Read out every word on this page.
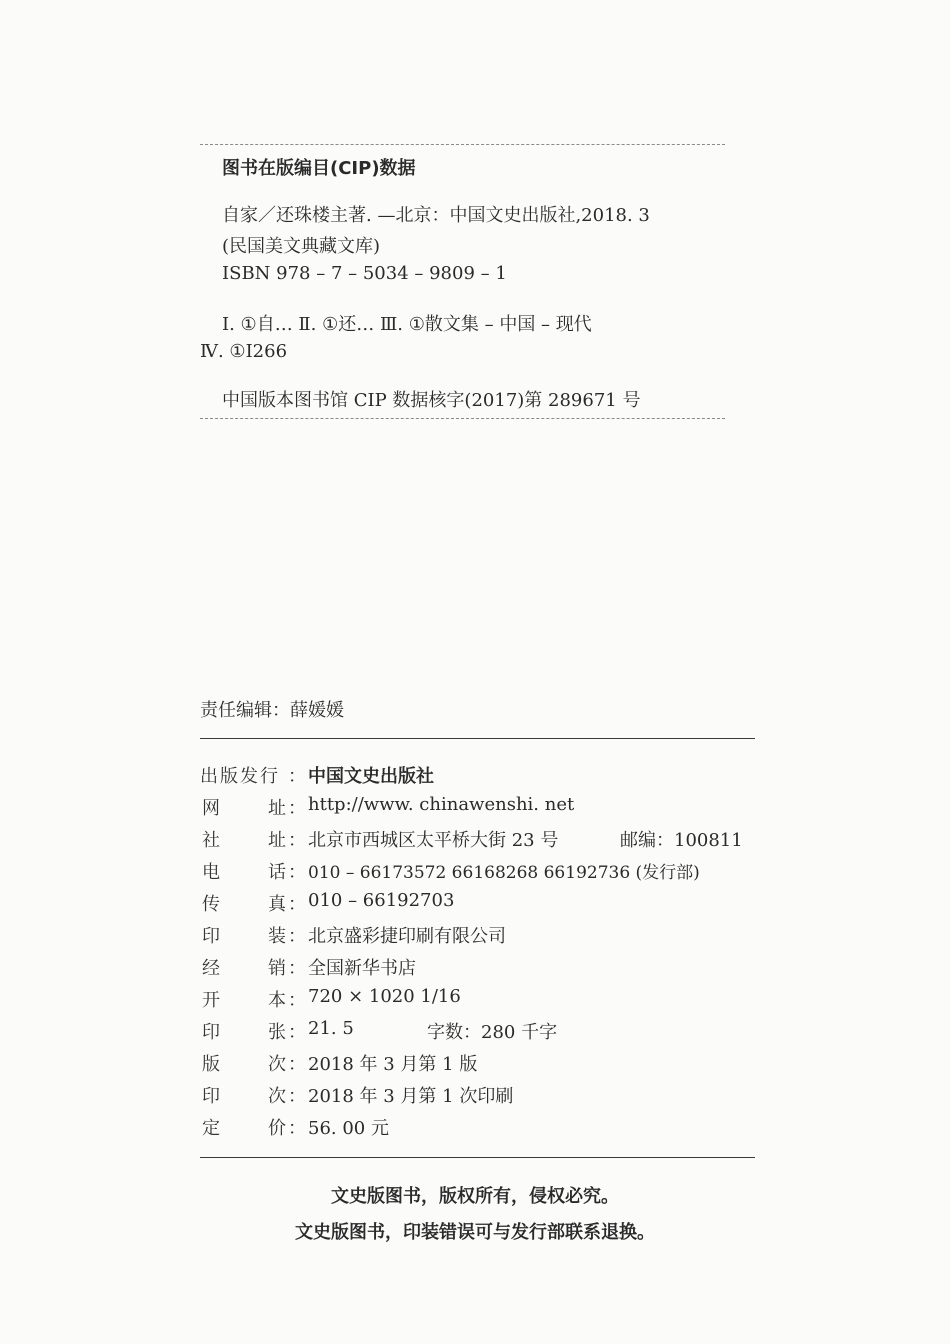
图书在版编目(CIP)数据
自家／还珠楼主著. —北京：中国文史出版社,2018. 3
(民国美文典藏文库)
ISBN 978 – 7 – 5034 – 9809 – 1
Ⅰ. ①自… Ⅱ. ①还… Ⅲ. ①散文集 – 中国 – 现代
Ⅳ. ①I266
中国版本图书馆 CIP 数据核字(2017)第 289671 号
责任编辑：薛媛媛
出版发行 ： 中国文史出版社
网	址 ： http://www. chinawenshi. net
社	址 ： 北京市西城区太平桥大街 23 号	邮编：100811
电	话 ： 010 – 66173572 66168268 66192736 (发行部)
传	真 ： 010 – 66192703
印	装 ： 北京盛彩捷印刷有限公司
经	销 ： 全国新华书店
开	本 ： 720 × 1020 1/16
印	张 ： 21. 5	字数：280 千字
版	次 ： 2018 年 3 月第 1 版
印	次 ： 2018 年 3 月第 1 次印刷
定	价 ： 56. 00 元
文史版图书，版权所有，侵权必究。
文史版图书，印装错误可与发行部联系退换。
